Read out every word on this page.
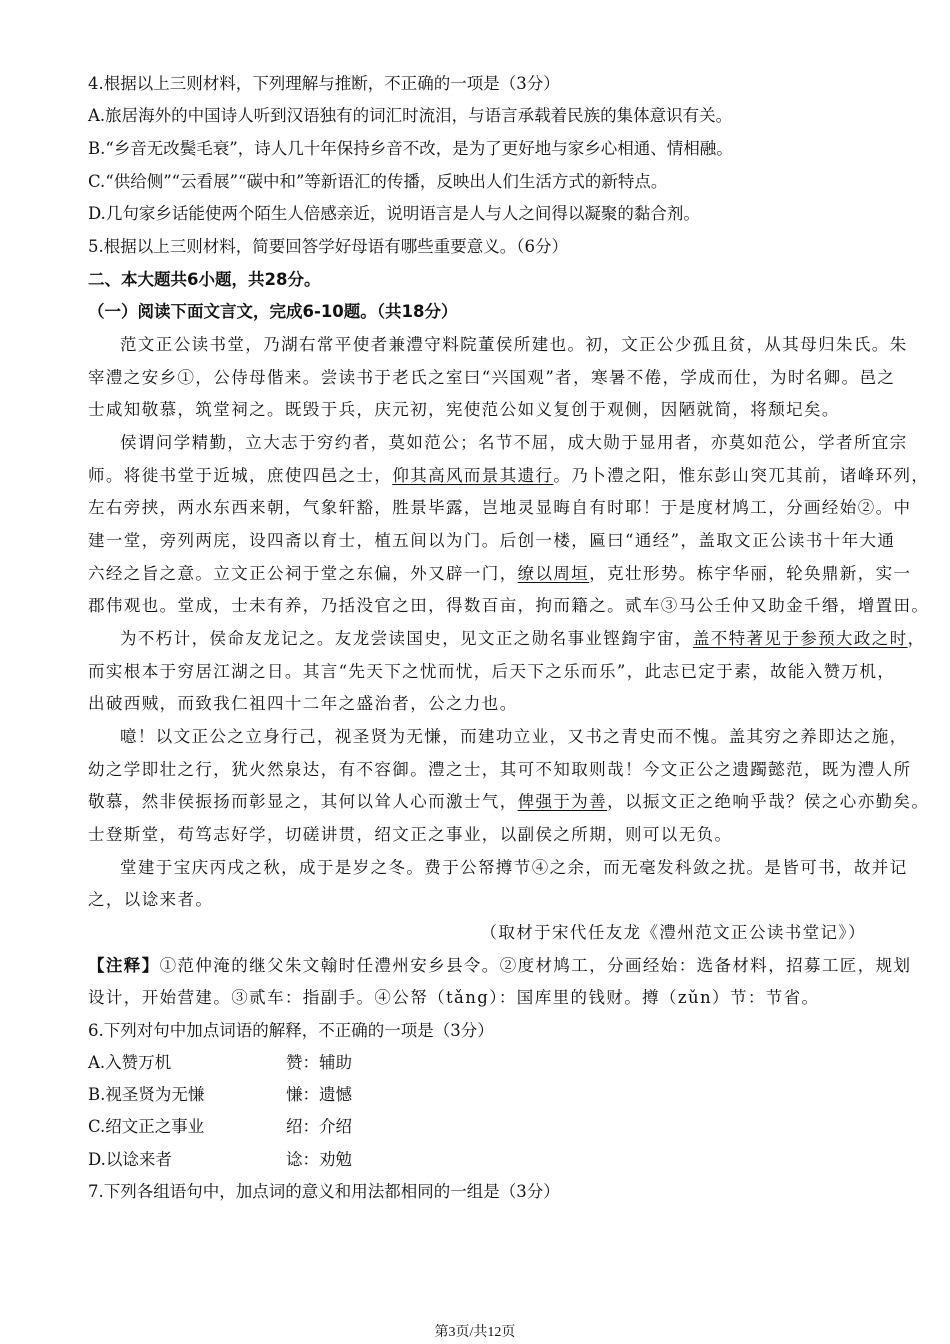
4.根据以上三则材料，下列理解与推断，不正确的一项是（3分）
A.旅居海外的中国诗人听到汉语独有的词汇时流泪，与语言承载着民族的集体意识有关。
B.“乡音无改鬓毛衰”，诗人几十年保持乡音不改，是为了更好地与家乡心相通、情相融。
C.“供给侧”“云看展”“碳中和”等新语汇的传播，反映出人们生活方式的新特点。
D.几句家乡话能使两个陌生人倍感亲近，说明语言是人与人之间得以凝聚的黏合剂。
5.根据以上三则材料，简要回答学好母语有哪些重要意义。（6分）
二、本大题共6小题，共28分。
（一）阅读下面文言文，完成6-10题。（共18分）
范文正公读书堂，乃湖右常平使者兼澧守料院董侯所建也。初，文正公少孤且贫，从其母归朱氏。朱
宰澧之安乡①，公侍母偕来。尝读书于老氏之室曰“兴国观”者，寒暑不倦，学成而仕，为时名卿。邑之
士咸知敬慕，筑堂祠之。既毁于兵，庆元初，宪使范公如义复创于观侧，因陋就简，将颓圮矣。
侯谓问学精勤，立大志于穷约者，莫如范公；名节不屈，成大勋于显用者，亦莫如范公，学者所宜宗
师。将徙书堂于近城，庶使四邑之士，仰其高风而景其遗行。乃卜澧之阳，惟东彭山突兀其前，诸峰环列，
左右旁挟，两水东西来朝，气象轩豁，胜景毕露，岂地灵显晦自有时耶！于是度材鸠工，分画经始②。中
建一堂，旁列两庑，设四斋以育士，植五间以为门。后创一楼，匾曰“通经”，盖取文正公读书十年大通
六经之旨之意。立文正公祠于堂之东偏，外又辟一门，缭以周垣，克壮形势。栋宇华丽，轮奂鼎新，实一
郡伟观也。堂成，士未有养，乃括没官之田，得数百亩，拘而籍之。贰车③马公壬仲又助金千缗，增置田。
为不朽计，侯命友龙记之。友龙尝读国史，见文正之勋名事业铿鍧宇宙，盖不特著见于参预大政之时，
而实根本于穷居江湖之日。其言“先天下之忧而忧，后天下之乐而乐”，此志已定于素，故能入赞万机，
出破西贼，而致我仁祖四十二年之盛治者，公之力也。
噫！以文正公之立身行己，视圣贤为无慊，而建功立业，又书之青史而不愧。盖其穷之养即达之施，
幼之学即壮之行，犹火然泉达，有不容御。澧之士，其可不知取则哉！今文正公之遗躅懿范，既为澧人所
敬慕，然非侯振扬而彰显之，其何以耸人心而激士气，俾强于为善，以振文正之绝响乎哉？侯之心亦勤矣。
士登斯堂，苟笃志好学，切磋讲贯，绍文正之事业，以副侯之所期，则可以无负。
堂建于宝庆丙戌之秋，成于是岁之冬。费于公帑撙节④之余，而无毫发科敛之扰。是皆可书，故并记
之，以谂来者。
（取材于宋代任友龙《澧州范文正公读书堂记》）
【注释】①范仲淹的继父朱文翰时任澧州安乡县令。②度材鸠工，分画经始：选备材料，招募工匠，规划
设计，开始营建。③贰车：指副手。④公帑（tǎng）：国库里的钱财。撙（zǔn）节：节省。
6.下列对句中加点词语的解释，不正确的一项是（3分）
A.入赞万机	赞：辅助
B.视圣贤为无慊	慊：遗憾
C.绍文正之事业	绍：介绍
D.以谂来者	谂：劝勉
7.下列各组语句中，加点词的意义和用法都相同的一组是（3分）
第3页/共12页
